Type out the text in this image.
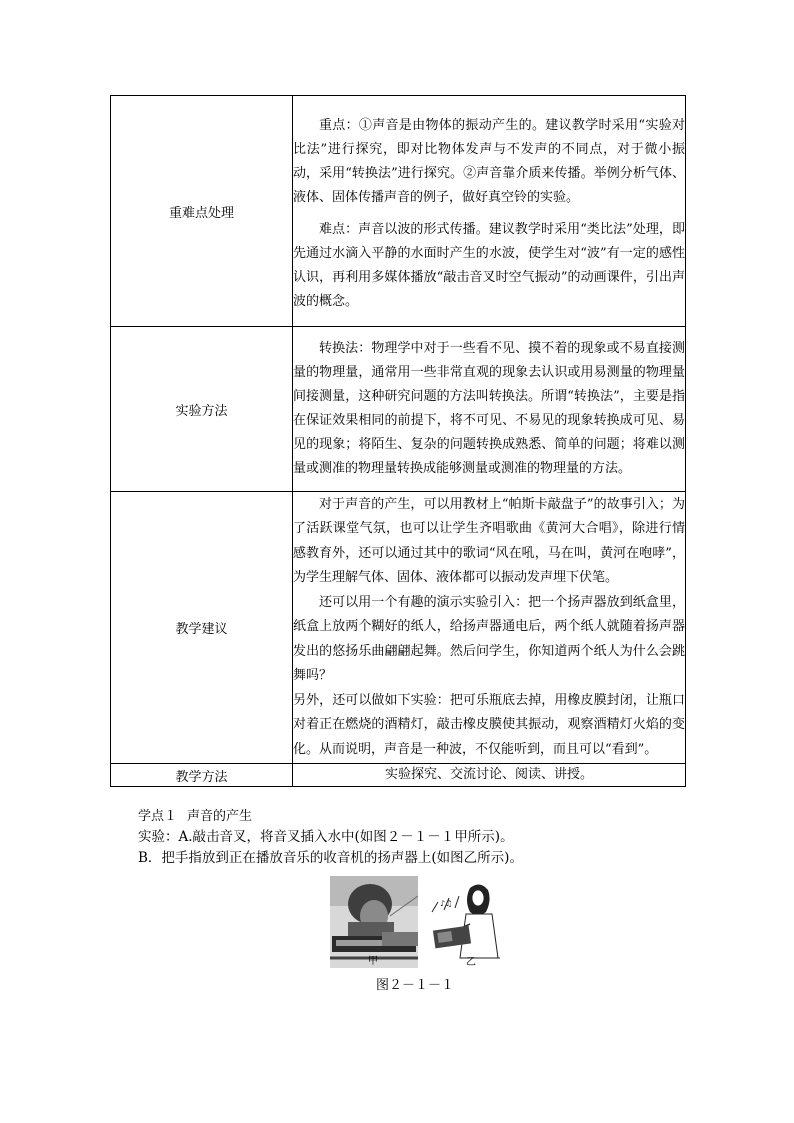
重难点处理	重点：①声音是由物体的振动产生的。建议教学时采用“实验对比法”进行探究，即对比物体发声与不发声的不同点，对于微小振动，采用“转换法”进行探究。②声音靠介质来传播。举例分析气体、液体、固体传播声音的例子，做好真空铃的实验。

难点：声音以波的形式传播。建议教学时采用“类比法”处理，即先通过水滴入平静的水面时产生的水波，使学生对“波”有一定的感性认识，再利用多媒体播放“敲击音叉时空气振动”的动画课件，引出声波的概念。

实验方法	转换法：物理学中对于一些看不见、摸不着的现象或不易直接测量的物理量，通常用一些非常直观的现象去认识或用易测量的物理量间接测量，这种研究问题的方法叫转换法。所谓“转换法”，主要是指在保证效果相同的前提下，将不可见、不易见的现象转换成可见、易见的现象；将陌生、复杂的问题转换成熟悉、简单的问题；将难以测量或测准的物理量转换成能够测量或测准的物理量的方法。

教学建议	对于声音的产生，可以用教材上“帕斯卡敲盘子”的故事引入；为了活跃课堂气氛，也可以让学生齐唱歌曲《黄河大合唱》，除进行情感教育外，还可以通过其中的歌词“风在吼，马在叫，黄河在咆哮”，为学生理解气体、固体、液体都可以振动发声埋下伏笔。

还可以用一个有趣的演示实验引入：把一个扬声器放到纸盒里，纸盒上放两个糊好的纸人，给扬声器通电后，两个纸人就随着扬声器发出的悠扬乐曲翩翩起舞。然后问学生，你知道两个纸人为什么会跳舞吗？

另外，还可以做如下实验：把可乐瓶底去掉，用橡皮膜封闭，让瓶口对着正在燃烧的酒精灯，敲击橡皮膜使其振动，观察酒精灯火焰的变化。从而说明，声音是一种波，不仅能听到，而且可以“看到”。

教学方法	实验探究、交流讨论、阅读、讲授。

学点１ 声音的产生

实验：A.敲击音叉，将音叉插入水中(如图２－１－１甲所示)。

B．把手指放到正在播放音乐的收音机的扬声器上(如图乙所示)。

♪♫
甲	乙
图２－１－１
